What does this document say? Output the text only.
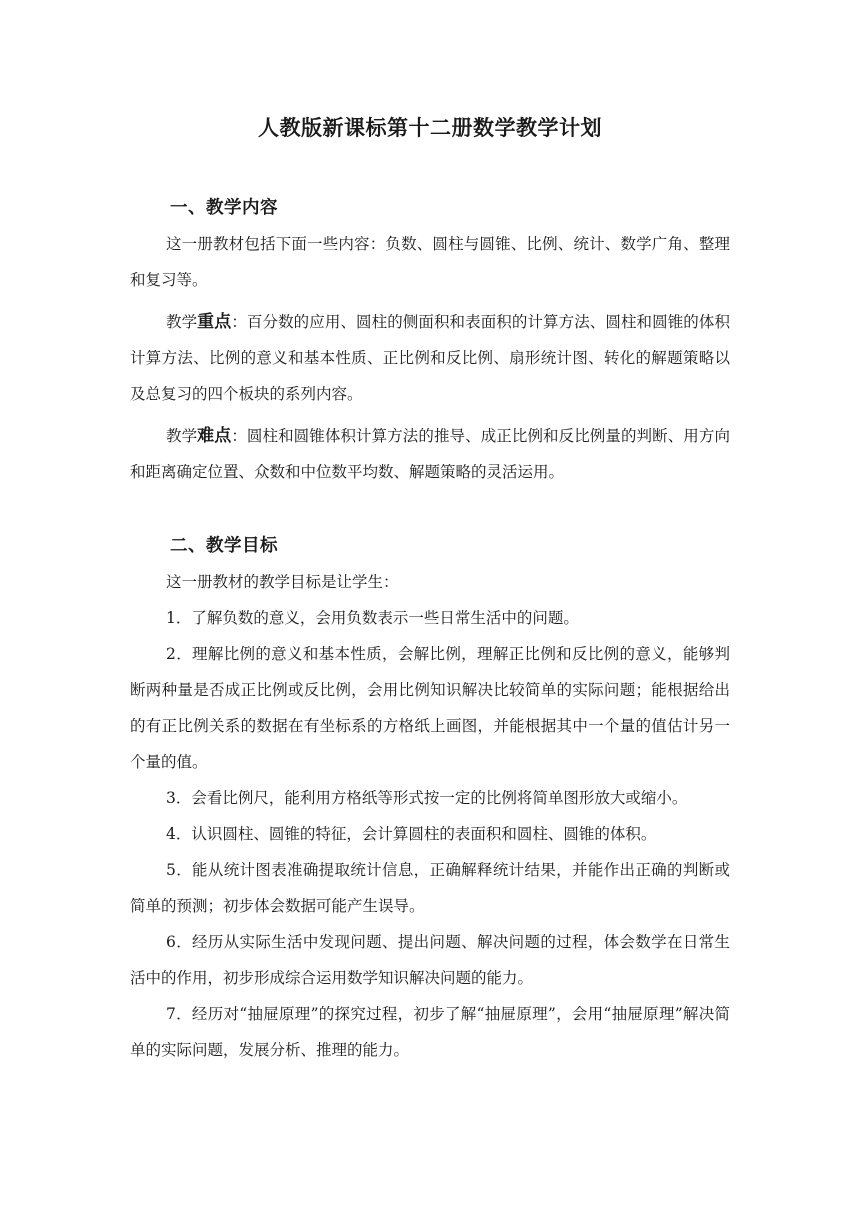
人教版新课标第十二册数学教学计划
一、教学内容

这一册教材包括下面一些内容：负数、圆柱与圆锥、比例、统计、数学广角、整理和复习等。

教学重点：百分数的应用、圆柱的侧面积和表面积的计算方法、圆柱和圆锥的体积计算方法、比例的意义和基本性质、正比例和反比例、扇形统计图、转化的解题策略以及总复习的四个板块的系列内容。

教学难点：圆柱和圆锥体积计算方法的推导、成正比例和反比例量的判断、用方向和距离确定位置、众数和中位数平均数、解题策略的灵活运用。

二、教学目标

这一册教材的教学目标是让学生：

1．了解负数的意义，会用负数表示一些日常生活中的问题。

2．理解比例的意义和基本性质，会解比例，理解正比例和反比例的意义，能够判断两种量是否成正比例或反比例，会用比例知识解决比较简单的实际问题；能根据给出的有正比例关系的数据在有坐标系的方格纸上画图，并能根据其中一个量的值估计另一个量的值。

3．会看比例尺，能利用方格纸等形式按一定的比例将简单图形放大或缩小。

4．认识圆柱、圆锥的特征，会计算圆柱的表面积和圆柱、圆锥的体积。

5．能从统计图表准确提取统计信息，正确解释统计结果，并能作出正确的判断或简单的预测；初步体会数据可能产生误导。

6．经历从实际生活中发现问题、提出问题、解决问题的过程，体会数学在日常生活中的作用，初步形成综合运用数学知识解决问题的能力。

7．经历对“抽屉原理”的探究过程，初步了解“抽屉原理”，会用“抽屉原理”解决简单的实际问题，发展分析、推理的能力。
